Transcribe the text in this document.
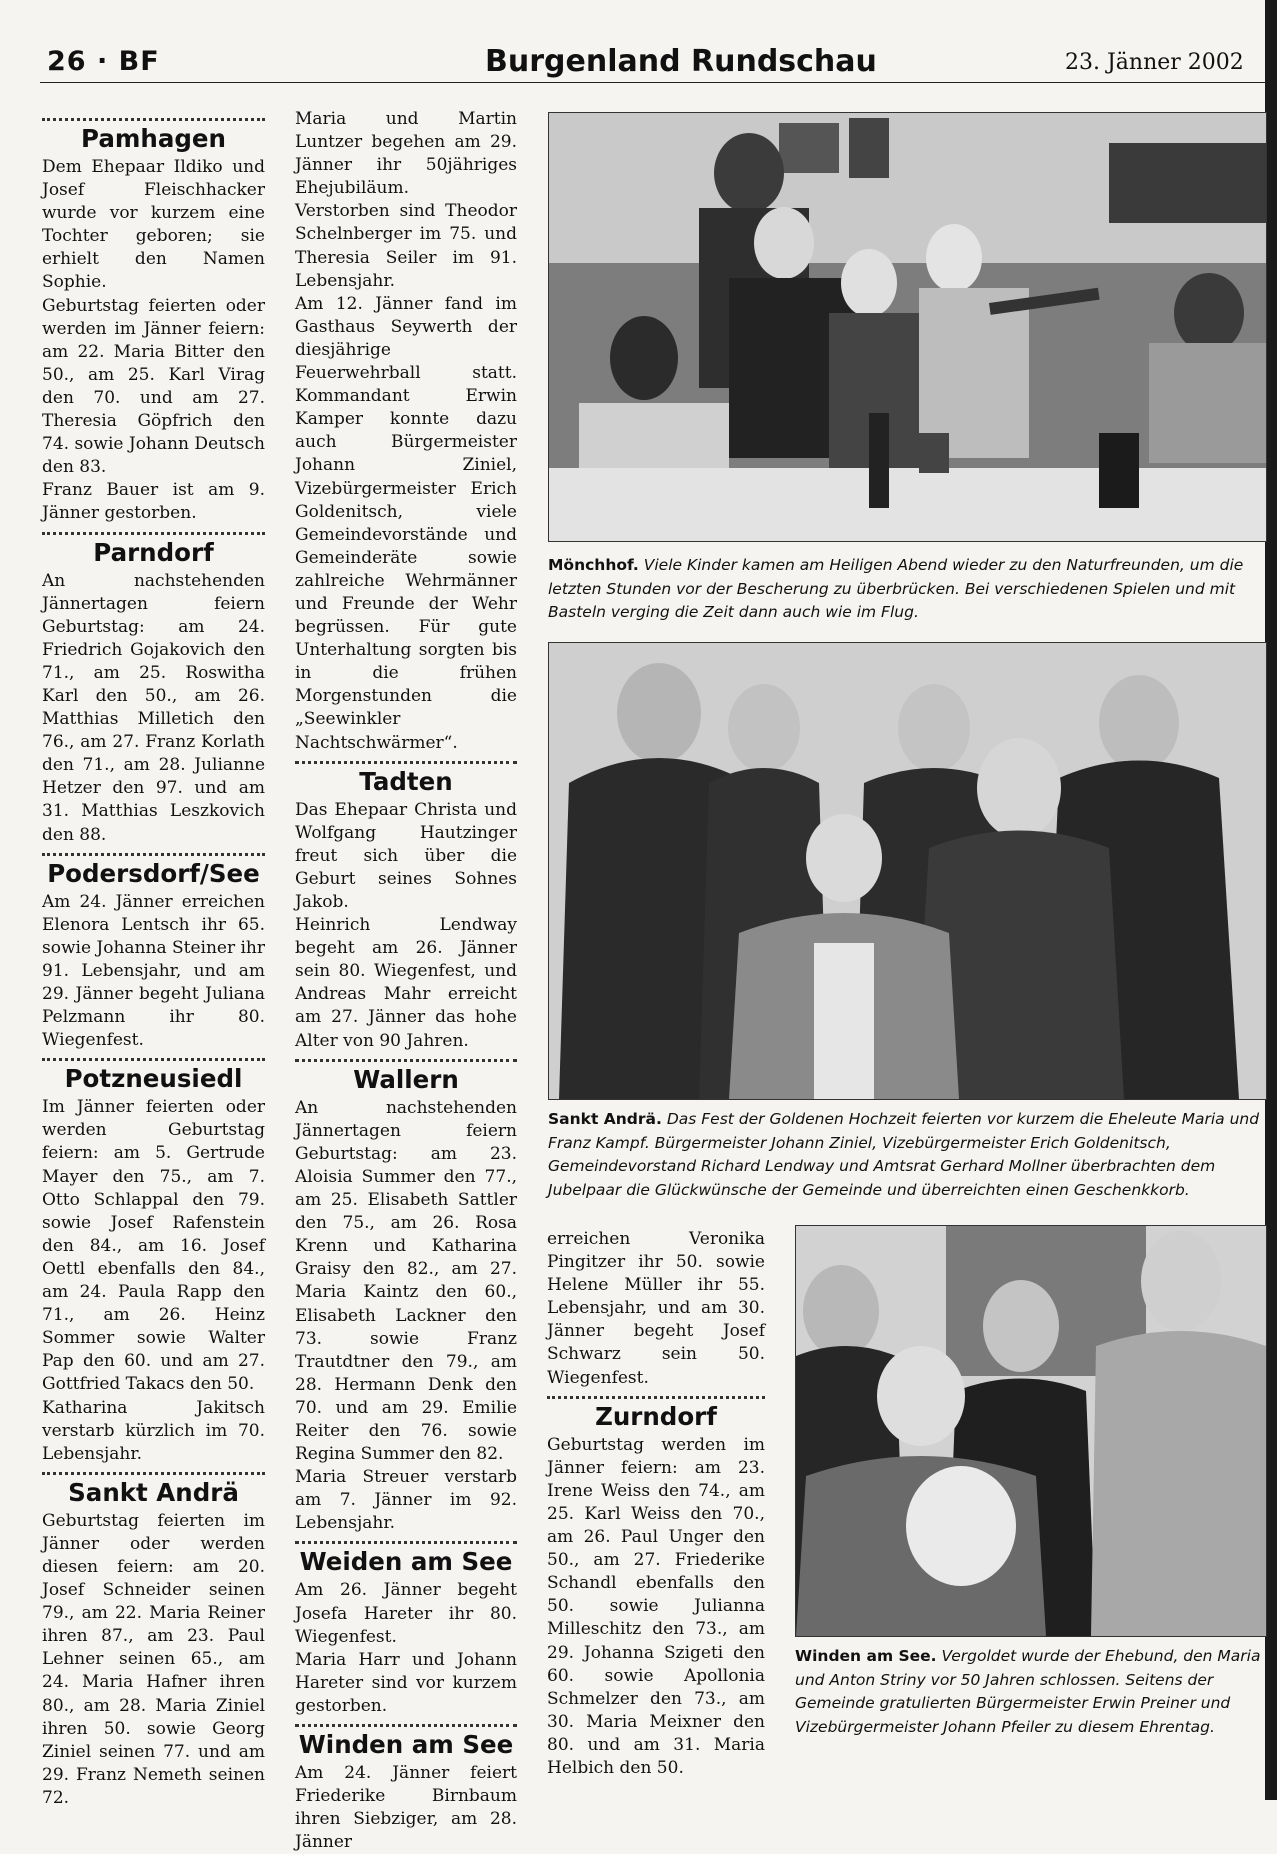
26 · BF	Burgenland Rundschau	23. Jänner 2002
Pamhagen

Dem Ehepaar Ildiko und Josef Fleischhacker wurde vor kurzem eine Tochter geboren; sie erhielt den Namen Sophie.

Geburtstag feierten oder werden im Jänner feiern: am 22. Maria Bitter den 50., am 25. Karl Virag den 70. und am 27. Theresia Göpfrich den 74. sowie Johann Deutsch den 83.

Franz Bauer ist am 9. Jänner gestorben.

Parndorf

An nachstehenden Jännertagen feiern Geburtstag: am 24. Friedrich Gojakovich den 71., am 25. Roswitha Karl den 50., am 26. Matthias Milletich den 76., am 27. Franz Korlath den 71., am 28. Julianne Hetzer den 97. und am 31. Matthias Leszkovich den 88.

Podersdorf/See

Am 24. Jänner erreichen Elenora Lentsch ihr 65. sowie Johanna Steiner ihr 91. Lebensjahr, und am 29. Jänner begeht Juliana Pelzmann ihr 80. Wiegenfest.

Potzneusiedl

Im Jänner feierten oder werden Geburtstag feiern: am 5. Gertrude Mayer den 75., am 7. Otto Schlappal den 79. sowie Josef Rafenstein den 84., am 16. Josef Oettl ebenfalls den 84., am 24. Paula Rapp den 71., am 26. Heinz Sommer sowie Walter Pap den 60. und am 27. Gottfried Takacs den 50.

Katharina Jakitsch verstarb kürzlich im 70. Lebensjahr.

Sankt Andrä

Geburtstag feierten im Jänner oder werden diesen feiern: am 20. Josef Schneider seinen 79., am 22. Maria Reiner ihren 87., am 23. Paul Lehner seinen 65., am 24. Maria Hafner ihren 80., am 28. Maria Ziniel ihren 50. sowie Georg Ziniel seinen 77. und am 29. Franz Nemeth seinen 72.

Maria und Martin Luntzer begehen am 29. Jänner ihr 50jähriges Ehejubiläum.

Verstorben sind Theodor Schelnberger im 75. und Theresia Seiler im 91. Lebensjahr.

Am 12. Jänner fand im Gasthaus Seywerth der diesjährige Feuerwehrball statt. Kommandant Erwin Kamper konnte dazu auch Bürgermeister Johann Ziniel, Vizebürgermeister Erich Goldenitsch, viele Gemeindevorstände und Gemeinderäte sowie zahlreiche Wehrmänner und Freunde der Wehr begrüssen. Für gute Unterhaltung sorgten bis in die frühen Morgenstunden die „Seewinkler Nachtschwärmer“.

Tadten

Das Ehepaar Christa und Wolfgang Hautzinger freut sich über die Geburt seines Sohnes Jakob.

Heinrich Lendway begeht am 26. Jänner sein 80. Wiegenfest, und Andreas Mahr erreicht am 27. Jänner das hohe Alter von 90 Jahren.

Wallern

An nachstehenden Jännertagen feiern Geburtstag: am 23. Aloisia Summer den 77., am 25. Elisabeth Sattler den 75., am 26. Rosa Krenn und Katharina Graisy den 82., am 27. Maria Kaintz den 60., Elisabeth Lackner den 73. sowie Franz Trautdtner den 79., am 28. Hermann Denk den 70. und am 29. Emilie Reiter den 76. sowie Regina Summer den 82.

Maria Streuer verstarb am 7. Jänner im 92. Lebensjahr.

Weiden am See

Am 26. Jänner begeht Josefa Hareter ihr 80. Wiegenfest.

Maria Harr und Johann Hareter sind vor kurzem gestorben.

Winden am See

Am 24. Jänner feiert Friederike Birnbaum ihren Siebziger, am 28. Jänner

erreichen Veronika Pingitzer ihr 50. sowie Helene Müller ihr 55. Lebensjahr, und am 30. Jänner begeht Josef Schwarz sein 50. Wiegenfest.

Zurndorf

Geburtstag werden im Jänner feiern: am 23. Irene Weiss den 74., am 25. Karl Weiss den 70., am 26. Paul Unger den 50., am 27. Friederike Schandl ebenfalls den 50. sowie Julianna Milleschitz den 73., am 29. Johanna Szigeti den 60. sowie Apollonia Schmelzer den 73., am 30. Maria Meixner den 80. und am 31. Maria Helbich den 50.

Mönchhof. Viele Kinder kamen am Heiligen Abend wieder zu den Naturfreunden, um die letzten Stunden vor der Bescherung zu überbrücken. Bei verschiedenen Spielen und mit Basteln verging die Zeit dann auch wie im Flug.
Sankt Andrä. Das Fest der Goldenen Hochzeit feierten vor kurzem die Eheleute Maria und Franz Kampf. Bürgermeister Johann Ziniel, Vizebürgermeister Erich Goldenitsch, Gemeindevorstand Richard Lendway und Amtsrat Gerhard Mollner überbrachten dem Jubelpaar die Glückwünsche der Gemeinde und überreichten einen Geschenkkorb.
Winden am See. Vergoldet wurde der Ehebund, den Maria und Anton Striny vor 50 Jahren schlossen. Seitens der Gemeinde gratulierten Bürgermeister Erwin Preiner und Vizebürgermeister Johann Pfeiler zu diesem Ehrentag.
